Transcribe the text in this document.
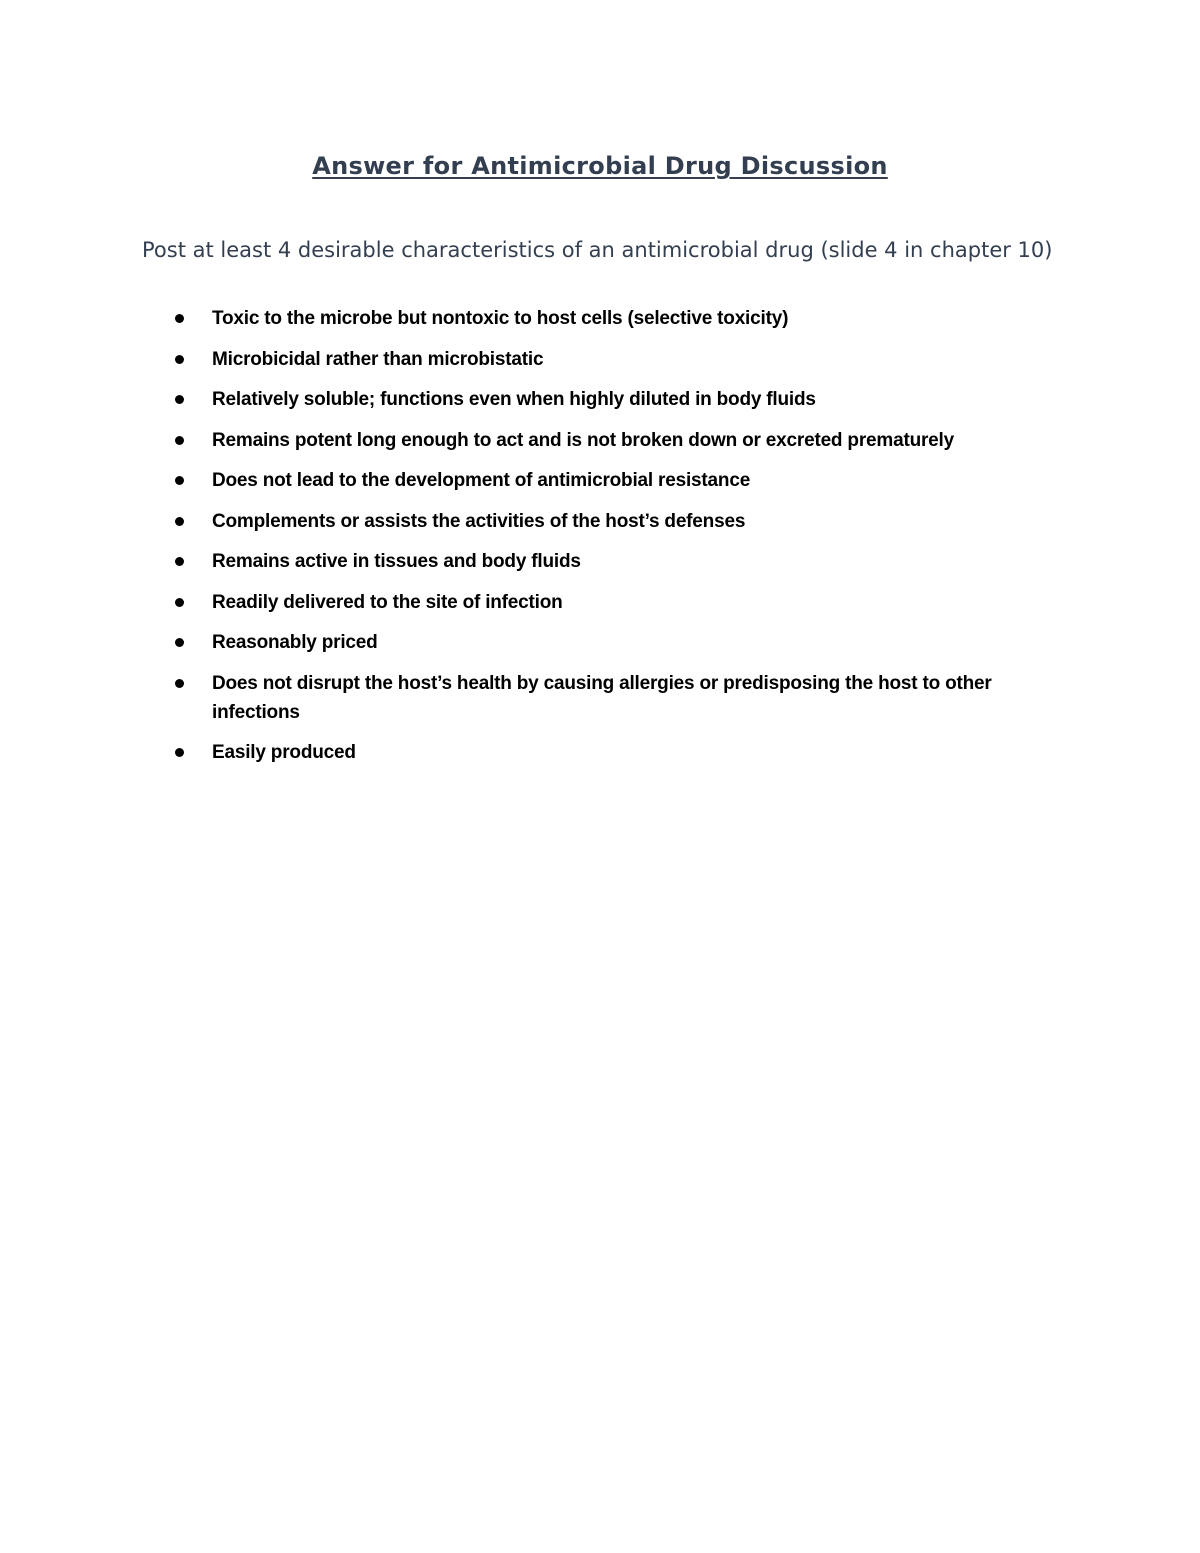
Answer for Antimicrobial Drug Discussion

Post at least 4 desirable characteristics of an antimicrobial drug (slide 4 in chapter 10)

Toxic to the microbe but nontoxic to host cells (selective toxicity)
Microbicidal rather than microbistatic
Relatively soluble; functions even when highly diluted in body fluids
Remains potent long enough to act and is not broken down or excreted prematurely
Does not lead to the development of antimicrobial resistance
Complements or assists the activities of the host’s defenses
Remains active in tissues and body fluids
Readily delivered to the site of infection
Reasonably priced
Does not disrupt the host’s health by causing allergies or predisposing the host to other infections
Easily produced
